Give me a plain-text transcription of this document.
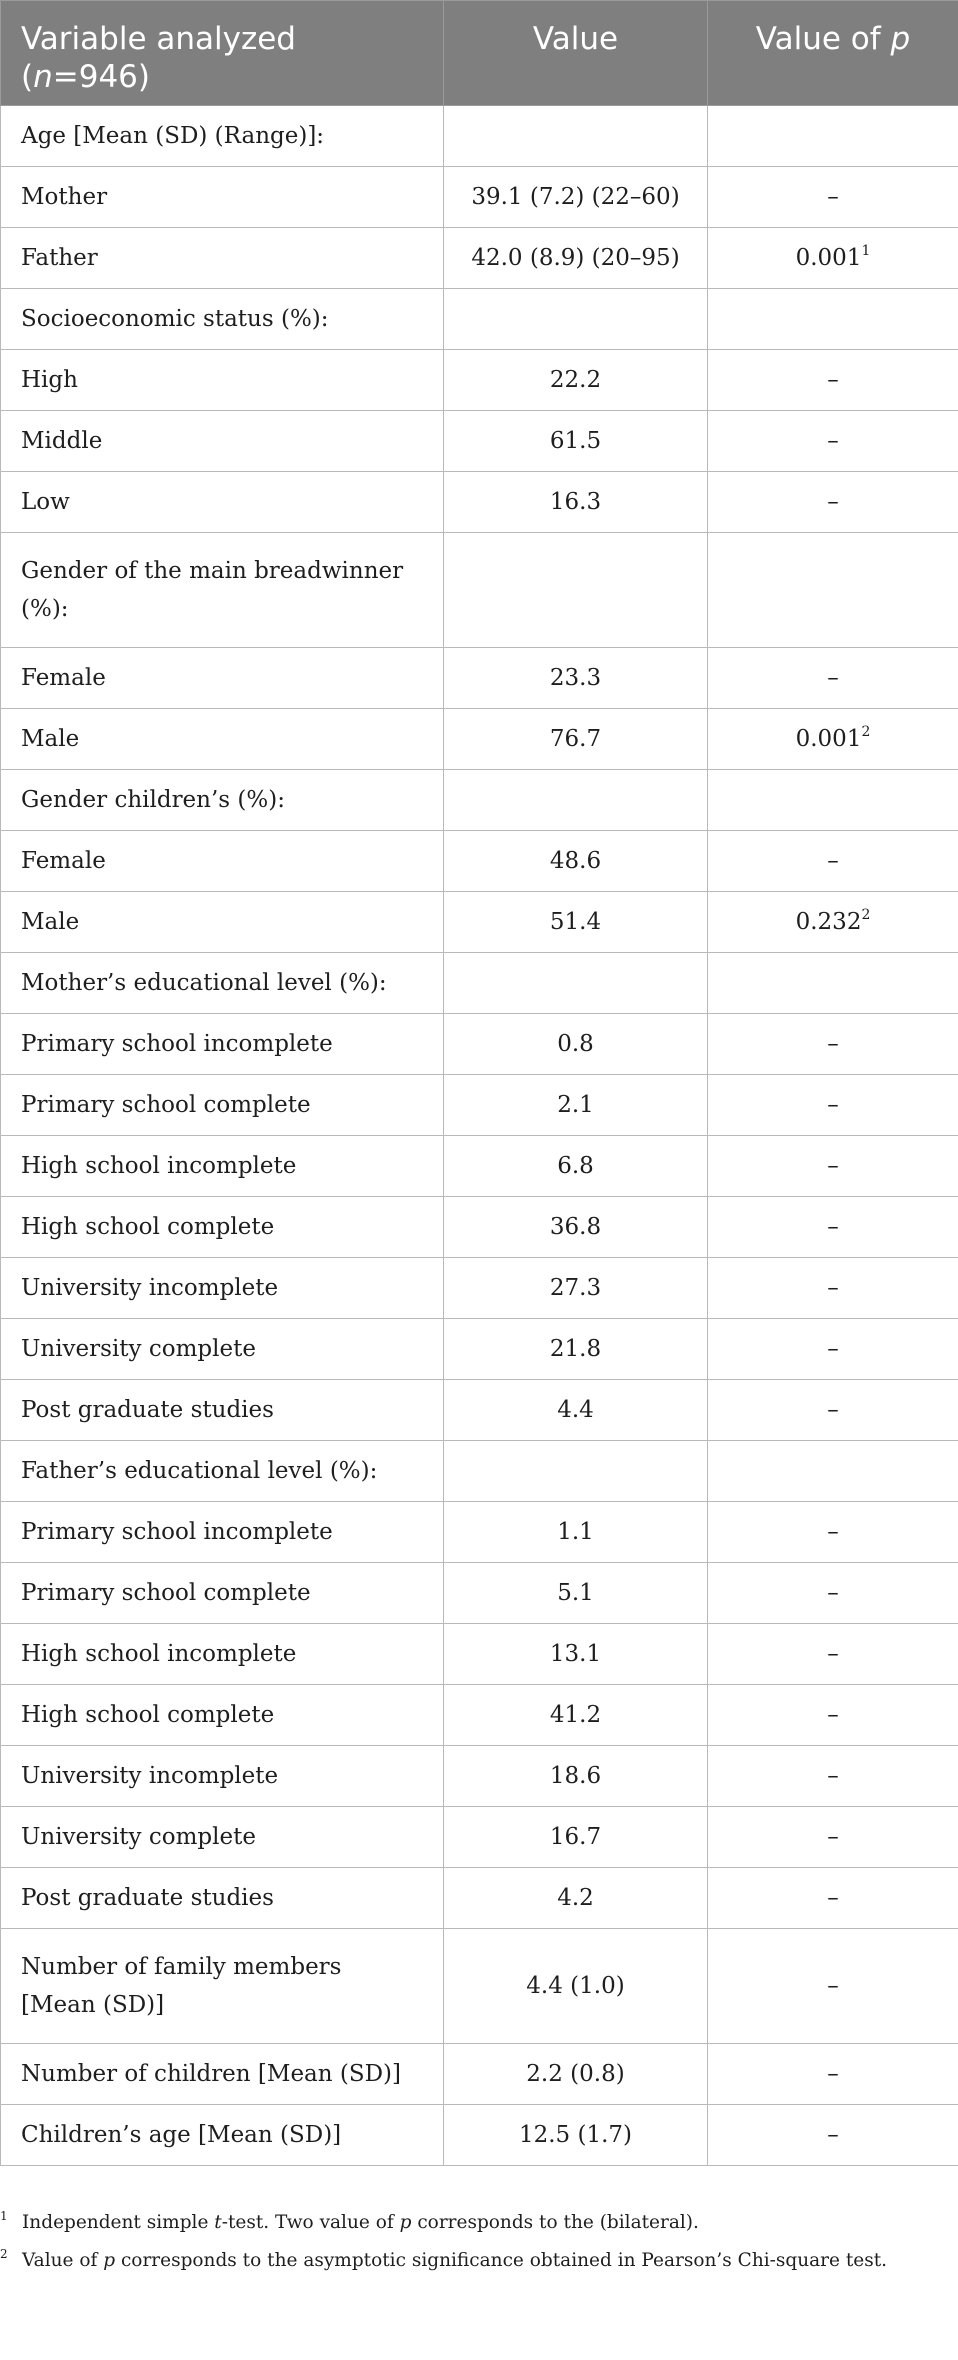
Variable analyzed (n=946)	Value	Value of p
Age [Mean (SD) (Range)]:		
Mother	39.1 (7.2) (22–60)	–
Father	42.0 (8.9) (20–95)	0.001$^1$
Socioeconomic status (%):		
High	22.2	–
Middle	61.5	–
Low	16.3	–
Gender of the main breadwinner (%):		
Female	23.3	–
Male	76.7	0.001$^2$
Gender children’s (%):		
Female	48.6	–
Male	51.4	0.232$^2$
Mother’s educational level (%):		
Primary school incomplete	0.8	–
Primary school complete	2.1	–
High school incomplete	6.8	–
High school complete	36.8	–
University incomplete	27.3	–
University complete	21.8	–
Post graduate studies	4.4	–
Father’s educational level (%):		
Primary school incomplete	1.1	–
Primary school complete	5.1	–
High school incomplete	13.1	–
High school complete	41.2	–
University incomplete	18.6	–
University complete	16.7	–
Post graduate studies	4.2	–
Number of family members [Mean (SD)]	4.4 (1.0)	–
Number of children [Mean (SD)]	2.2 (0.8)	–
Children’s age [Mean (SD)]	12.5 (1.7)	–

$^1$ Independent simple t-test. Two value of p corresponds to the (bilateral).

$^2$ Value of p corresponds to the asymptotic significance obtained in Pearson’s Chi-square test.
